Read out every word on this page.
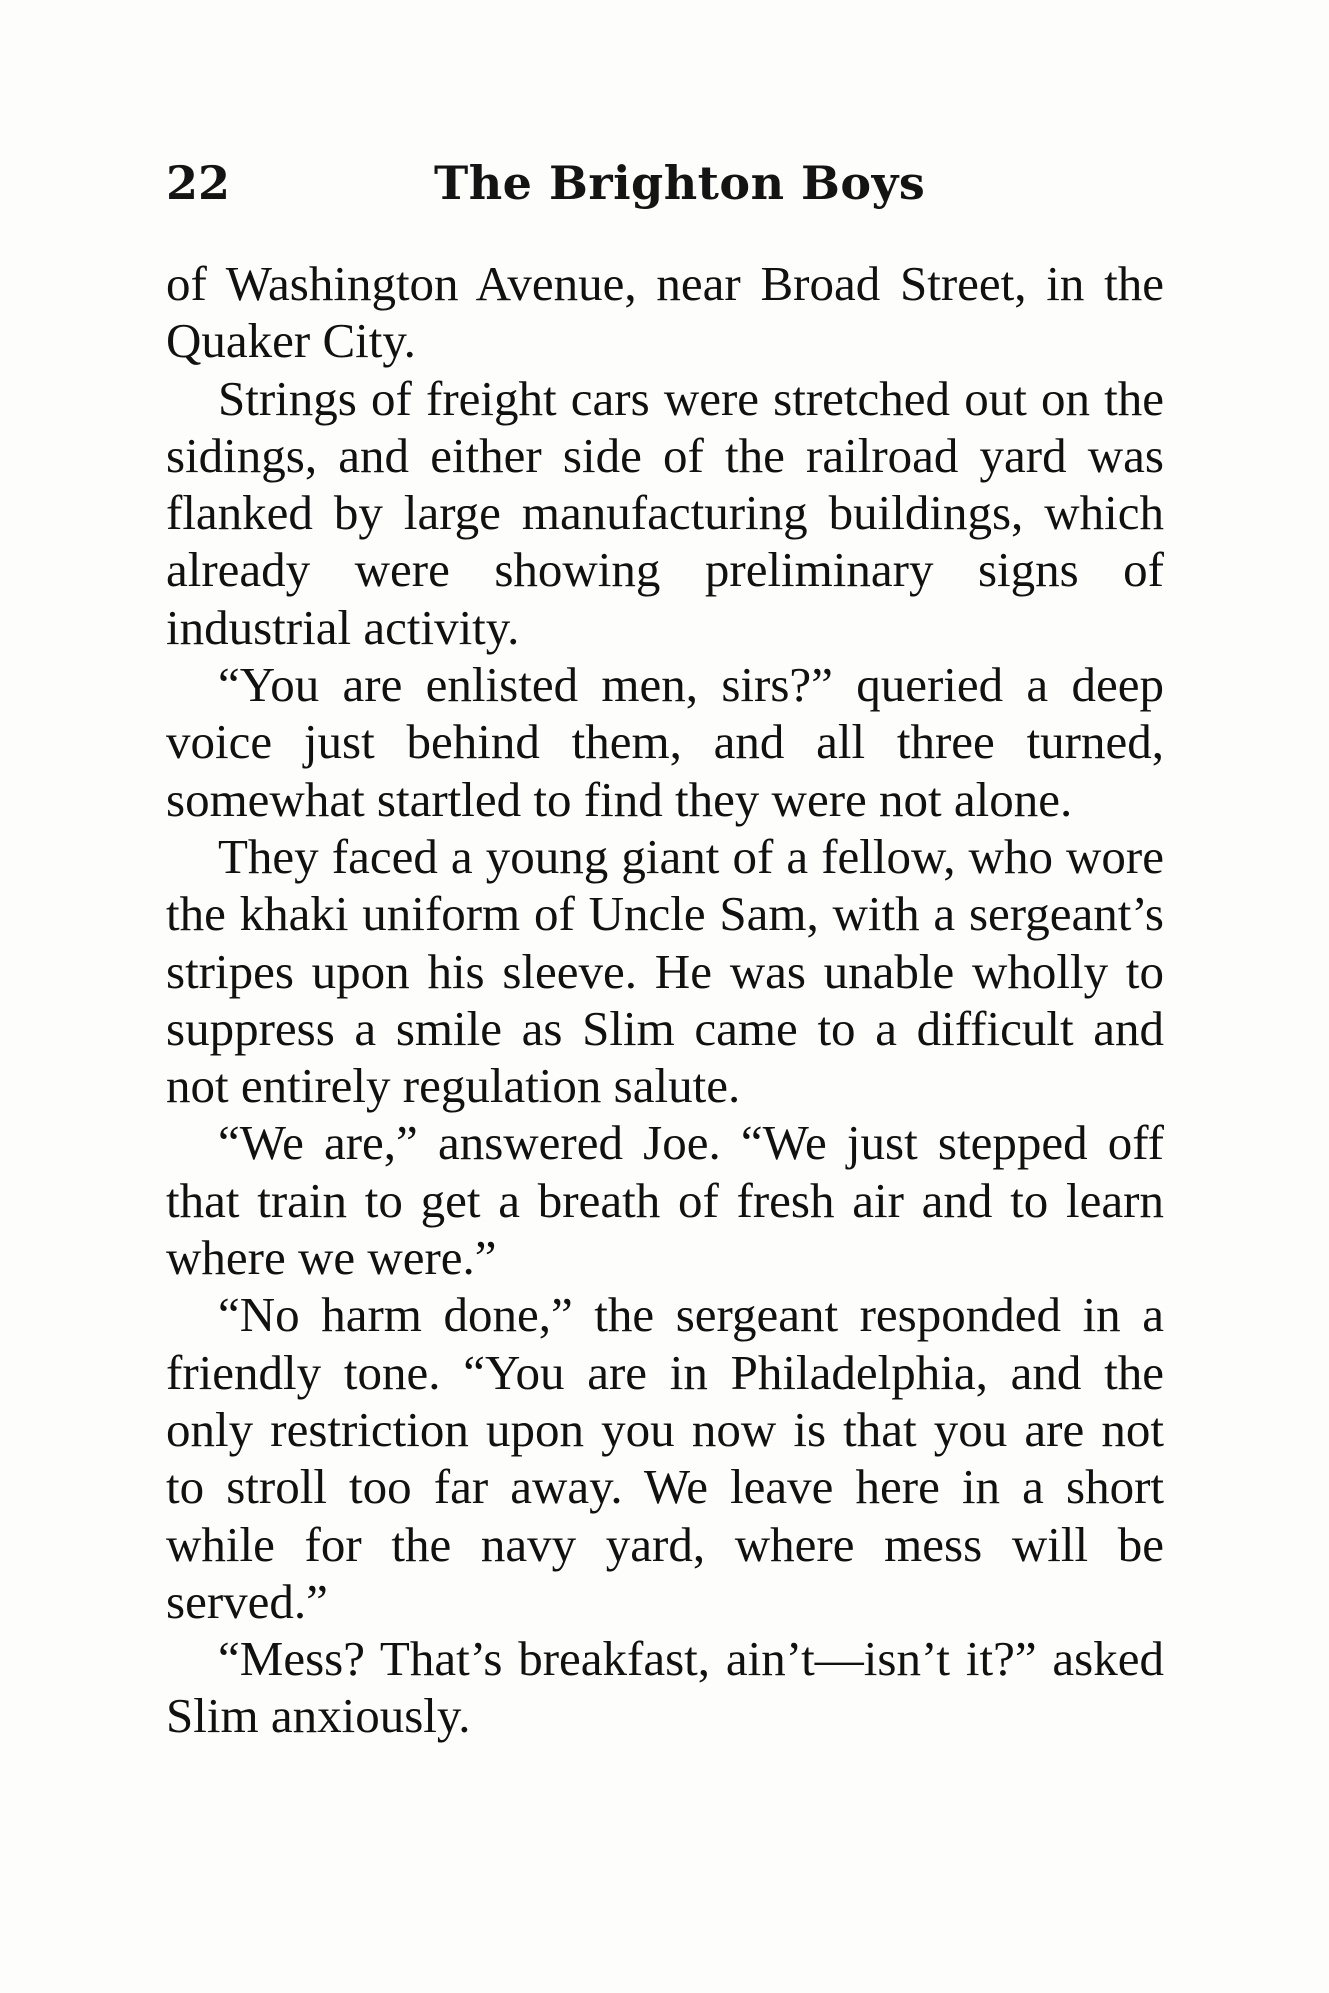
22	The Brighton Boys

of Washington Avenue, near Broad Street, in the Quaker City.

Strings of freight cars were stretched out on the sidings, and either side of the railroad yard was flanked by large manufacturing buildings, which already were showing preliminary signs of industrial activity.

“You are enlisted men, sirs?” queried a deep voice just behind them, and all three turned, somewhat startled to find they were not alone.

They faced a young giant of a fellow, who wore the khaki uniform of Uncle Sam, with a sergeant’s stripes upon his sleeve. He was unable wholly to suppress a smile as Slim came to a difficult and not entirely regulation salute.

“We are,” answered Joe. “We just stepped off that train to get a breath of fresh air and to learn where we were.”

“No harm done,” the sergeant responded in a friendly tone. “You are in Philadelphia, and the only restriction upon you now is that you are not to stroll too far away. We leave here in a short while for the navy yard, where mess will be served.”

“Mess? That’s breakfast, ain’t—isn’t it?” asked Slim anxiously.
